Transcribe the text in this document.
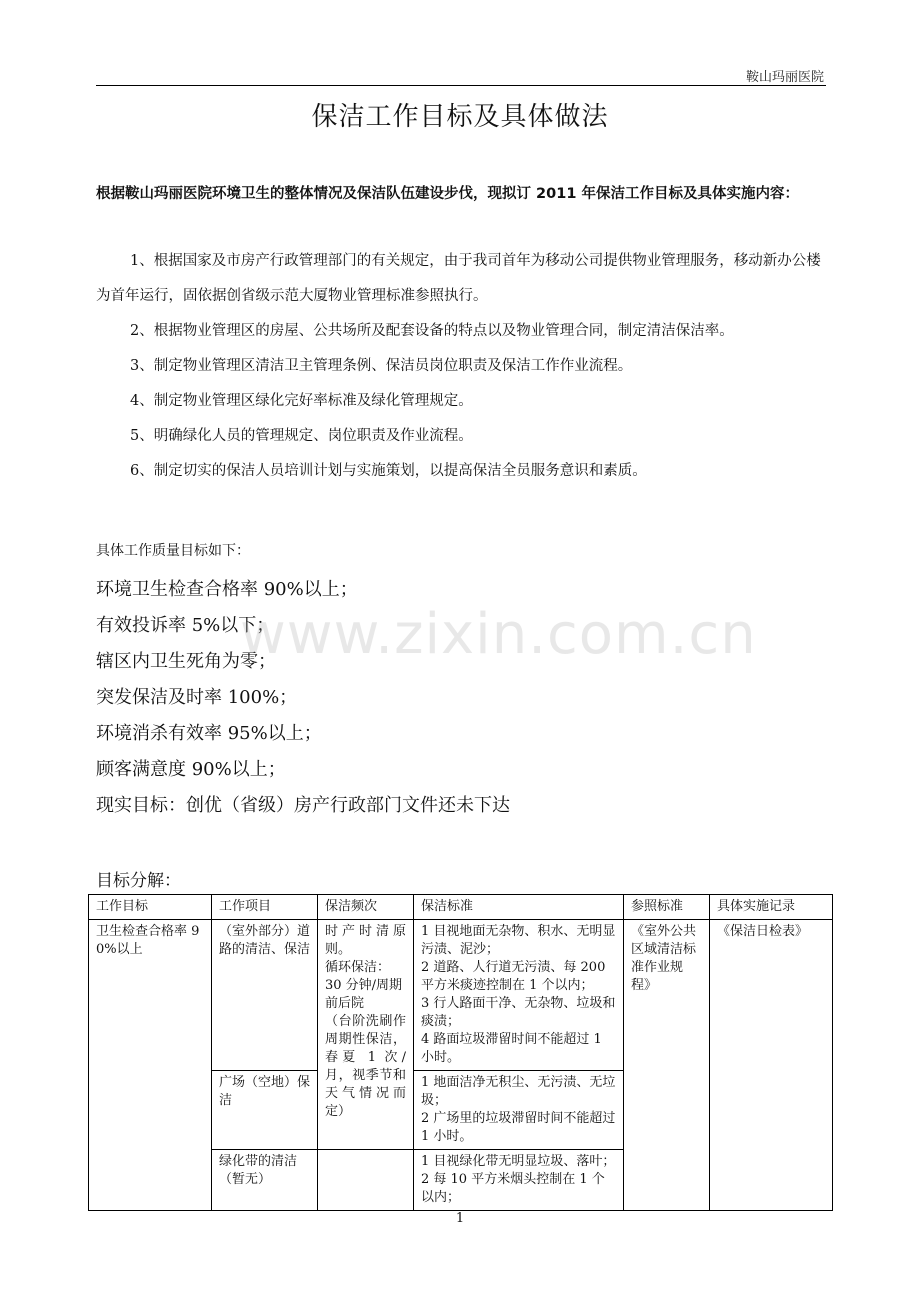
鞍山玛丽医院
保洁工作目标及具体做法
根据鞍山玛丽医院环境卫生的整体情况及保洁队伍建设步伐，现拟订 2011 年保洁工作目标及具体实施内容：
1、根据国家及市房产行政管理部门的有关规定，由于我司首年为移动公司提供物业管理服务，移动新办公楼为首年运行，固依据创省级示范大厦物业管理标准参照执行。
2、根据物业管理区的房屋、公共场所及配套设备的特点以及物业管理合同，制定清洁保洁率。
3、制定物业管理区清洁卫主管理条例、保洁员岗位职责及保洁工作作业流程。
4、制定物业管理区绿化完好率标准及绿化管理规定。
5、明确绿化人员的管理规定、岗位职责及作业流程。
6、制定切实的保洁人员培训计划与实施策划，以提高保洁全员服务意识和素质。
具体工作质量目标如下：
环境卫生检查合格率 90%以上；
有效投诉率 5%以下；
辖区内卫生死角为零；
突发保洁及时率 100%；
环境消杀有效率 95%以上；
顾客满意度 90%以上；
现实目标：创优（省级）房产行政部门文件还未下达
www.zixin.com.cn
目标分解：
工作目标	工作项目	保洁频次	保洁标准	参照标准	具体实施记录
卫生检查合格率 90%以上	（室外部分）道路的清洁、保洁	时产时清原则。
循环保洁：
30 分钟/周期
前后院
（台阶洗刷作周期性保洁，春夏 1 次/月，视季节和天气情况而定）	1 目视地面无杂物、积水、无明显污渍、泥沙；
2 道路、人行道无污渍、每 200 平方米痰迹控制在 1 个以内；
3 行人路面干净、无杂物、垃圾和痰渍；
4 路面垃圾滞留时间不能超过 1 小时。	《室外公共区域清洁标准作业规程》	《保洁日检表》
	广场（空地）保洁		1 地面洁净无积尘、无污渍、无垃圾；
2 广场里的垃圾滞留时间不能超过 1 小时。		
	绿化带的清洁（暂无）		1 目视绿化带无明显垃圾、落叶；
2 每 10 平方米烟头控制在 1 个以内；		
1
